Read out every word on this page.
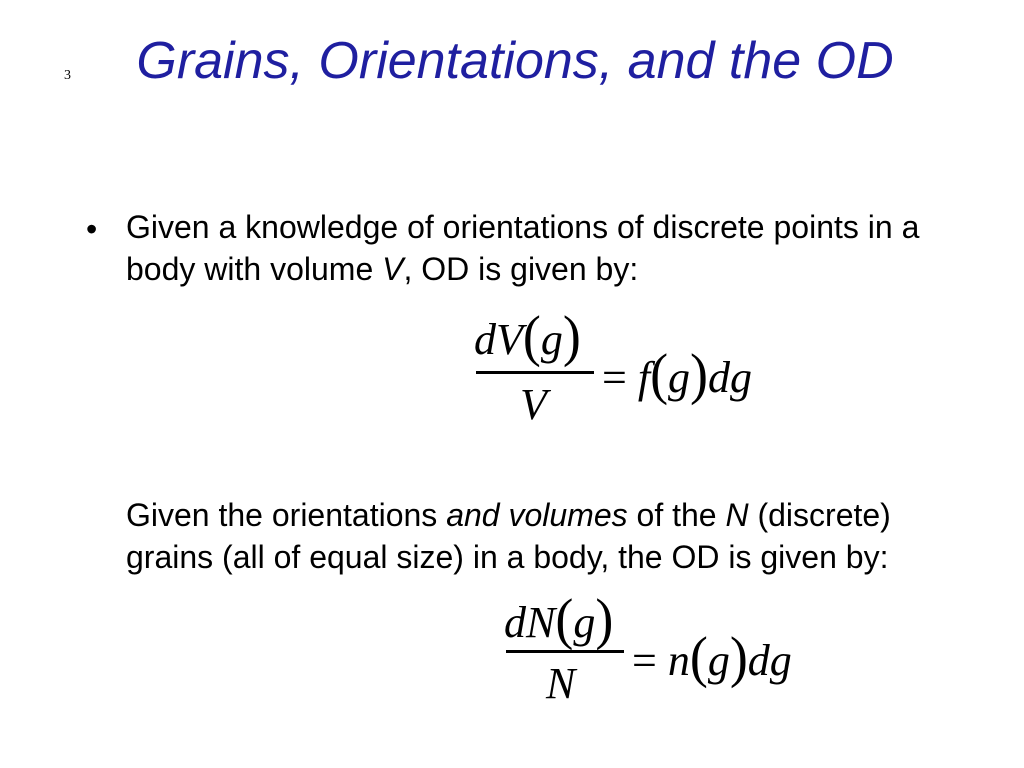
3	Grains, Orientations, and the OD
• Given a knowledge of orientations of discrete points in a body with volume V, OD is given by:
dV(g)
V
= f(g)dg
Given the orientations and volumes of the N (discrete) grains (all of equal size) in a body, the OD is given by:
dN(g)
N = n(g)dg
